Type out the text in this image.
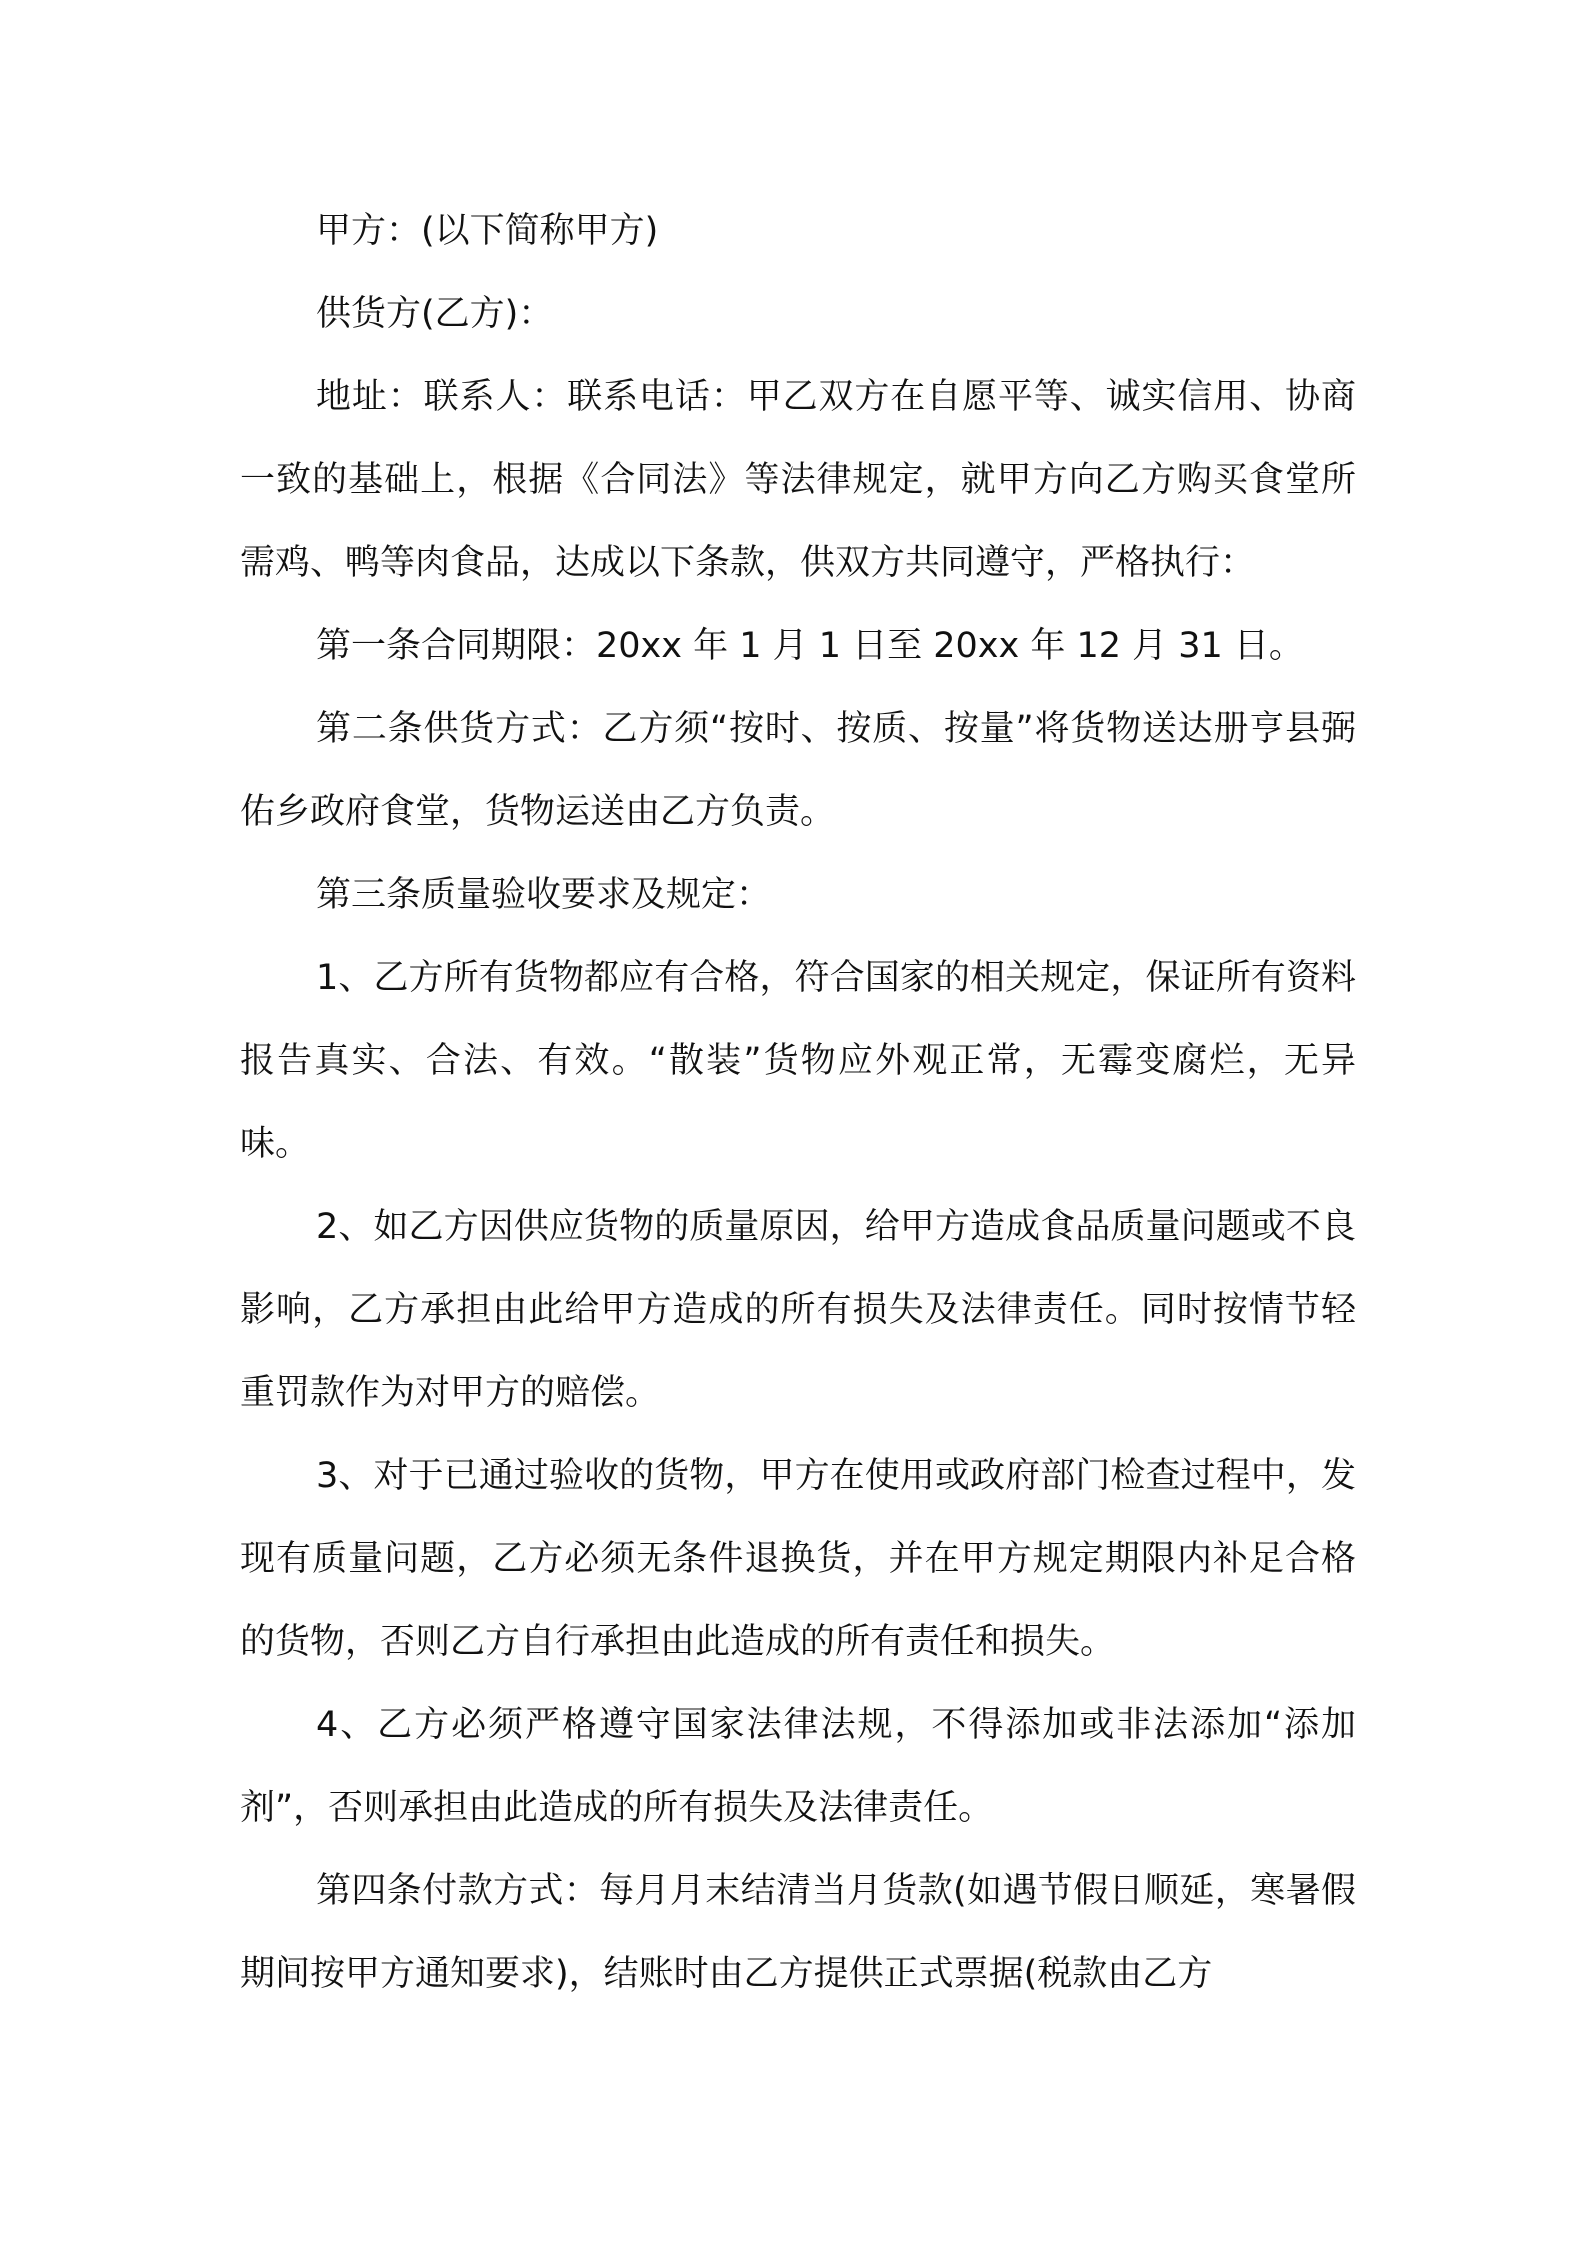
甲方：(以下简称甲方)

供货方(乙方)：

地址：联系人：联系电话：甲乙双方在自愿平等、诚实信用、协商一致的基础上，根据《合同法》等法律规定，就甲方向乙方购买食堂所需鸡、鸭等肉食品，达成以下条款，供双方共同遵守，严格执行：

第一条合同期限：20xx 年 1 月 1 日至 20xx 年 12 月 31 日。

第二条供货方式：乙方须“按时、按质、按量”将货物送达册亨县弼佑乡政府食堂，货物运送由乙方负责。

第三条质量验收要求及规定：

1、乙方所有货物都应有合格，符合国家的相关规定，保证所有资料报告真实、合法、有效。“散装”货物应外观正常，无霉变腐烂，无异味。

2、如乙方因供应货物的质量原因，给甲方造成食品质量问题或不良影响，乙方承担由此给甲方造成的所有损失及法律责任。同时按情节轻重罚款作为对甲方的赔偿。

3、对于已通过验收的货物，甲方在使用或政府部门检查过程中，发现有质量问题，乙方必须无条件退换货，并在甲方规定期限内补足合格的货物，否则乙方自行承担由此造成的所有责任和损失。

4、乙方必须严格遵守国家法律法规，不得添加或非法添加“添加剂”，否则承担由此造成的所有损失及法律责任。

第四条付款方式：每月月末结清当月货款(如遇节假日顺延，寒暑假期间按甲方通知要求)，结账时由乙方提供正式票据(税款由乙方
